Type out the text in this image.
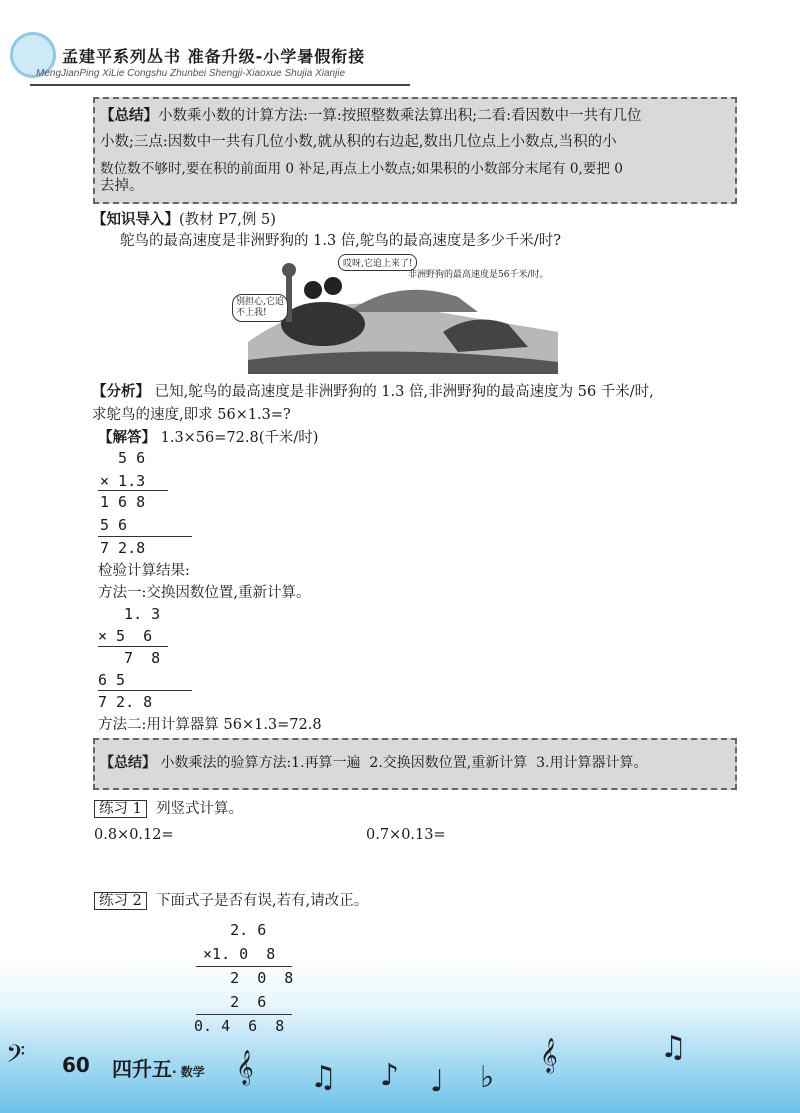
孟建平系列丛书 准备升级-小学暑假衔接
MengJianPing XiLie Congshu Zhunbei Shengji-Xiaoxue Shujia Xianjie
【总结】小数乘小数的计算方法:一算:按照整数乘法算出积;二看:看因数中一共有几位
小数;三点:因数中一共有几位小数,就从积的右边起,数出几位点上小数点,当积的小
数位数不够时,要在积的前面用 0 补足,再点上小数点;如果积的小数部分末尾有 0,要把 0
去掉。
【知识导入】(教材 P7,例 5)
鸵鸟的最高速度是非洲野狗的 1.3 倍,鸵鸟的最高速度是多少千米/时?
哎呀,它追上来了!
非洲野狗的最高速度是56千米/时。
别担心,它追不上我!
【分析】 已知,鸵鸟的最高速度是非洲野狗的 1.3 倍,非洲野狗的最高速度为 56 千米/时,
求鸵鸟的速度,即求 56×1.3=?
【解答】 1.3×56=72.8(千米/时)
5 6
× 1.3
1 6 8
5 6
7 2.8
检验计算结果:
方法一:交换因数位置,重新计算。
1. 3
× 5  6
7  8
6 5
7 2. 8
方法二:用计算器算 56×1.3=72.8
【总结】 小数乘法的验算方法:1.再算一遍  2.交换因数位置,重新计算  3.用计算器计算。
练习 1 列竖式计算。
0.8×0.12=	0.7×0.13=
练习 2 下面式子是否有误,若有,请改正。
2. 6
×1. 0  8
2  0  8
2  6
0. 4  6  8
𝄢 60 四升五· 数学 𝄞 ♫ ♪ ♩ ♭
𝄞	♫
